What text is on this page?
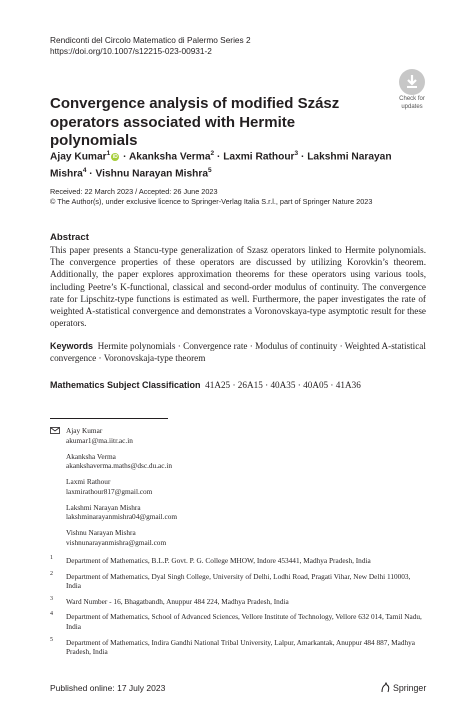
Rendiconti del Circolo Matematico di Palermo Series 2
https://doi.org/10.1007/s12215-023-00931-2
Check for
updates
Convergence analysis of modified Szász operators associated with Hermite polynomials
Ajay Kumar$^1$iD · Akanksha Verma$^2$ · Laxmi Rathour$^3$ · Lakshmi Narayan Mishra$^4$ · Vishnu Narayan Mishra$^5$
Received: 22 March 2023 / Accepted: 26 June 2023
© The Author(s), under exclusive licence to Springer-Verlag Italia S.r.l., part of Springer Nature 2023
Abstract
This paper presents a Stancu-type generalization of Szasz operators linked to Hermite polynomials. The convergence properties of these operators are discussed by utilizing Korovkin’s theorem. Additionally, the paper explores approximation theorems for these operators using various tools, including Peetre’s K-functional, classical and second-order modulus of continuity. The convergence rate for Lipschitz-type functions is estimated as well. Furthermore, the paper investigates the rate of weighted A-statistical convergence and demonstrates a Voronovskaya-type asymptotic result for these operators.
Keywords Hermite polynomials · Convergence rate · Modulus of continuity · Weighted A-statistical convergence · Voronovskaja-type theorem
Mathematics Subject Classification 41A25 · 26A15 · 40A35 · 40A05 · 41A36
Ajay Kumar
akumar1@ma.iitr.ac.in
Akanksha Verma
akankshaverma.maths@dsc.du.ac.in
Laxmi Rathour
laxmirathour817@gmail.com
Lakshmi Narayan Mishra
lakshminarayanmishra04@gmail.com
Vishnu Narayan Mishra
vishnunarayanmishra@gmail.com
1 Department of Mathematics, B.L.P. Govt. P. G. College MHOW, Indore 453441, Madhya Pradesh, India
2 Department of Mathematics, Dyal Singh College, University of Delhi, Lodhi Road, Pragati Vihar, New Delhi 110003, India
3 Ward Number - 16, Bhagatbandh, Anuppur 484 224, Madhya Pradesh, India
4 Department of Mathematics, School of Advanced Sciences, Vellore Institute of Technology, Vellore 632 014, Tamil Nadu, India
5 Department of Mathematics, Indira Gandhi National Tribal University, Lalpur, Amarkantak, Anuppur 484 887, Madhya Pradesh, India
Published online: 17 July 2023	Springer
